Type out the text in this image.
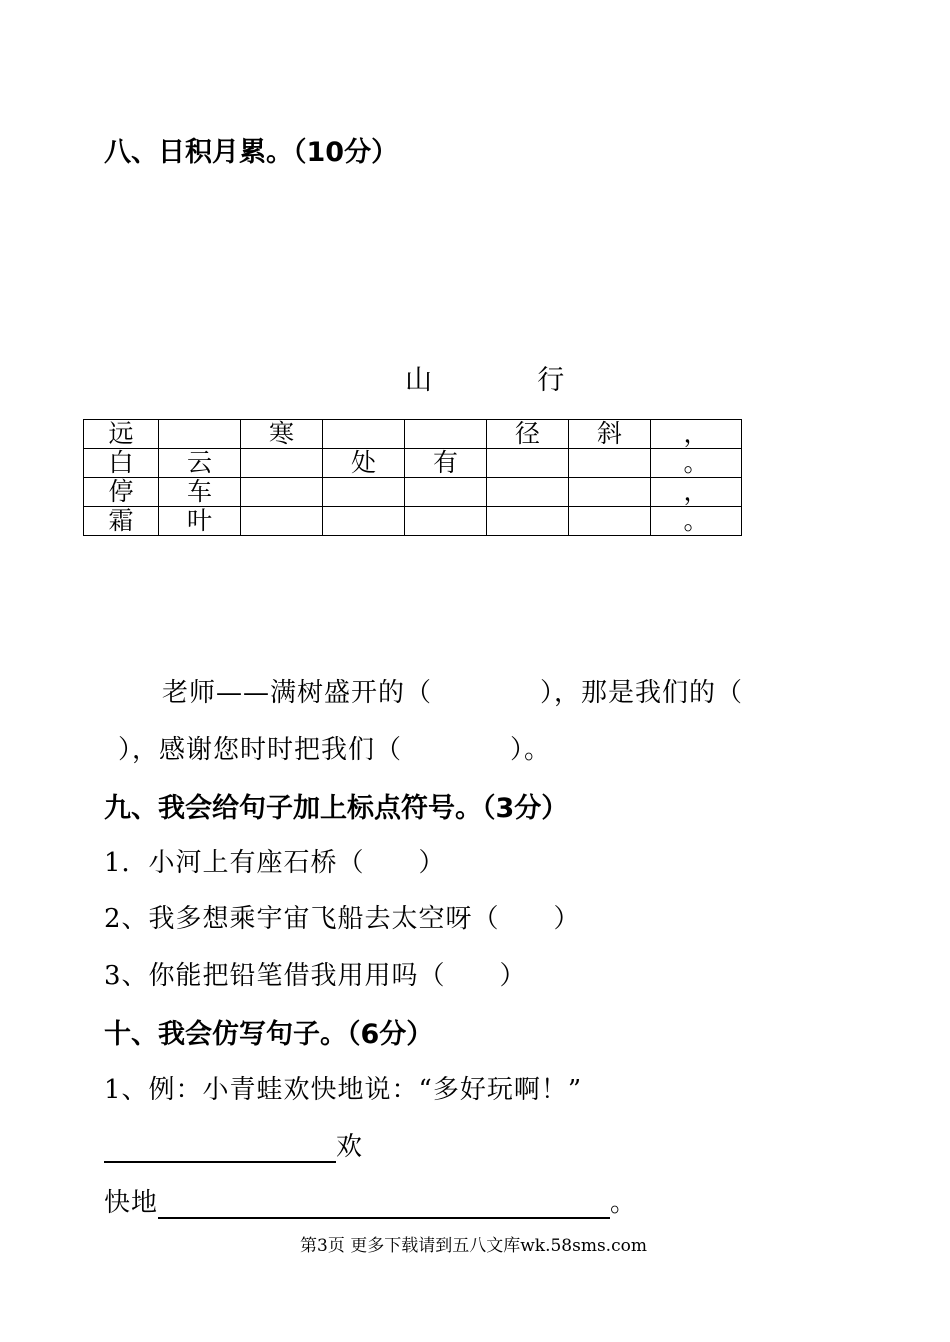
八、日积月累。（10分）
山	行
远		寒			径	斜	，
白	云		处	有			。
停	车						，
霜	叶						。
老师——满树盛开的（　　　　），那是我们的（
），感谢您时时把我们（　　　　）。
九、我会给句子加上标点符号。（3分）
1．小河上有座石桥（　　）
2、我多想乘宇宙飞船去太空呀（　　）
3、你能把铅笔借我用用吗（　　）
十、我会仿写句子。（6分）
1、例：小青蛙欢快地说：“多好玩啊！”
欢
快地	。
第3页 更多下载请到五八文库wk.58sms.com
